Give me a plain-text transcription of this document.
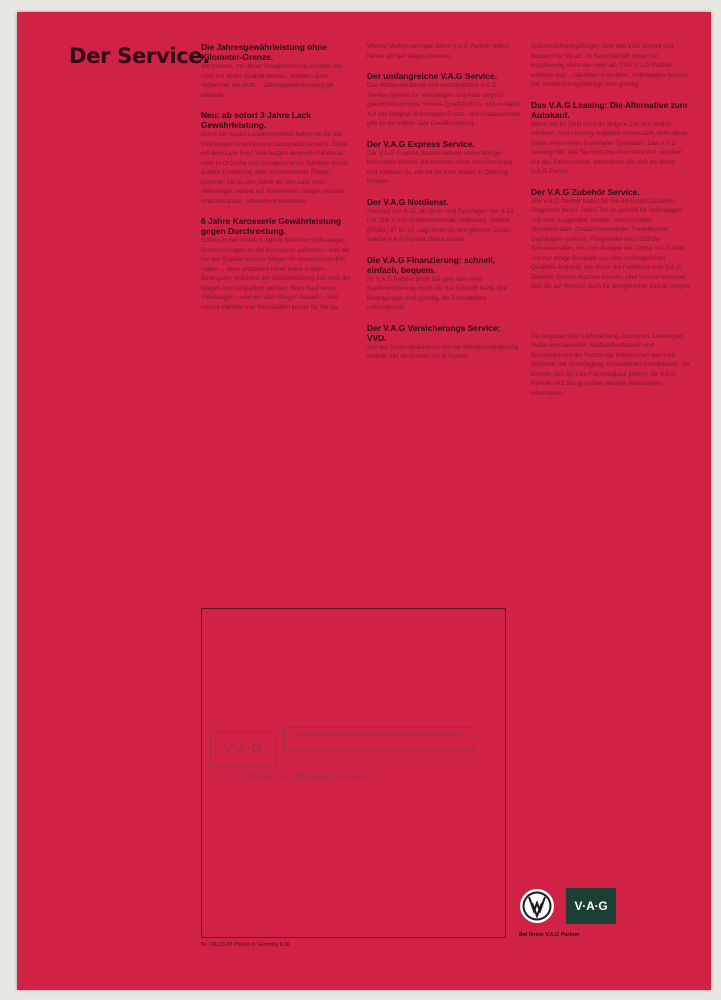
Der Service.
Die Jahresgewährleistung ohne Kilometer-Grenze.

Wir meinen, mit dieser Gewährleistung erhalten Sie nicht nur einen Qualitätsbeweis, sondern auch Sicherheit, die nicht ... Jahresgewährleistung gilt weltweit.

Neu: ab sofort 3 Jahre Lack Gewährleistung.

Durch ein neues Lackierverfahren haben wir für alle Volkswagen eine bessere Lackqualität erreicht. Sollte mit dem Lack Ihres Volkswagen dennoch mal etwas nicht in Ordnung sein (ausgenommen Schäden durch äußere Einwirkung oder unzureichende Pflege), kommen Sie zu uns, damit wir den Lack Ihres Volkswagen wieder auf Vordermann bringen können. Unbürokratisch, schnell und kostenlos.

6 Jahre Karosserie Gewährleistung gegen Durchrostung.

Sollten in den ersten 6 Jahren bei Ihrem Volkswagen Durchrostungen an der Karosserie auftreten – was wir bei der Qualität unserer Wagen für unwahrscheinlich halten –, dann entstehen Ihnen keine Kosten. Bedingung: Während der Gewährleistung zeit muß der Wagen normal gepflegt werden. Beim Kauf eines Volkswagen – und vor allen Dingen danach – sind unsere Händler und Werkstätten immer für Sie da.

Welche Verbesserungen diese V.A.G Partner liefern, haben wir hier aufgeschrieben.

Der umfangreiche V.A.G Service.

Das flächendeckende und wirtschaftliche V.A.G Service-System für Volkswagen und Audi sorgt für gleichbleibend gute Service-Qualität im In- und Ausland. Auf alle Original Volkswagen Ersatz- und Austauschteile gibt es ein halbes Jahr Gewährleistung.

Der V.A.G Express Service.

Der V.A.G Express Service behebt kleine Mängel besonders schnell. Sie kommen ohne Voranmeldung und schauen zu, wie wir Ihr Auto wieder in Ordnung bringen.

Der V.A.G Notdienst.

Sonntag von 9-15, an Sonn- und Feiertagen von 9-13 Uhr. Die V.A.G Notdienstzentrale Wolfsburg, Telefon (05361) 97 50 50, sagt Ihnen zu den gleichen Zeiten, welche V.A.G Partner Dienst haben.

Die V.A.G Finanzierung: schnell, einfach, bequem.

Ihr V.A.G Partner berät Sie gern über eine Kauferleichterung durch die V.A.G Kredit Bank. Die Bedingungen sind günstig, die Formalitäten unkompliziert.

Der V.A.G Versicherungs Service: VVD.

Von der Deckungskarte bis hin zur Schadenregulierung wickeln alle deutschen V.A.G Partner

Autoversicherungsfragen über den VVD schnell und bequem für Sie ab. Im Kaskofall hilft Ihnen zur Regulierung eines der mehr als 7000 V.A.G Partner – weltweit und ... nächsten Inspektion, Volkswagen-Service. Die Versicherungsbeiträge sind günstig.

Das V.A.G Leasing: Die Alternative zum Autokauf.

Wenn Sie Ihr Geld nicht an längere Zeit fest binden möchten, sind Leasing-Angebote interessant, denn diese bieten Ihnen einen finanziellen Spielraum. Das V.A.G Leasing hilft, daß Sie nicht das Auto bezahlen, sondern nur das Fahren damit. Informieren Sie sich bei Ihrem V.A.G Partner.

Der V.A.G Zubehör Service.

Alle V.A.G Partner halten für Sie ein breites Zubehör-Programm bereit. Jedes Teil ist speziell für Volkswagen und Audi ausgewählt worden. Schutzmatten, Sportlenkräder, Zusatzscheinwerfer, Feuerlöscher, Dachträger-systeme, Pflegemittel und nützliche Reiseutensilien, wie zum Beispiel der Große V.A.G Atlas und nur einige Beispiele aus dem umfangreichen Qualitäts-Angebot, das Ihnen die Fachleute vom V.A.G Zubehör Service machen können. Und Service bedeutet, daß die auf Wunsch auch für fachgerechte Einbau sorgen.

Die Angaben über Lieferumfang, Aussehen, Leistungen, Maße und Gewichte, Kraftstoffverbrauch und Betriebskosten der Fahrzeuge entsprechen den zum Zeitpunkt der Drucklegung vorhandenen Kenntnissen. Sie können sich bis zum Fahrzeugkauf ändern. Ihr V.A.G Partner wird Sie gern über etwaige Änderungen informieren.

V·A·G
Ihr V.A.G Partner für Volkswagen und Audi
Nr. 190.23.40 Printed in Germany 8.86
V·A·G
Bei Ihrem V.A.G Partner
